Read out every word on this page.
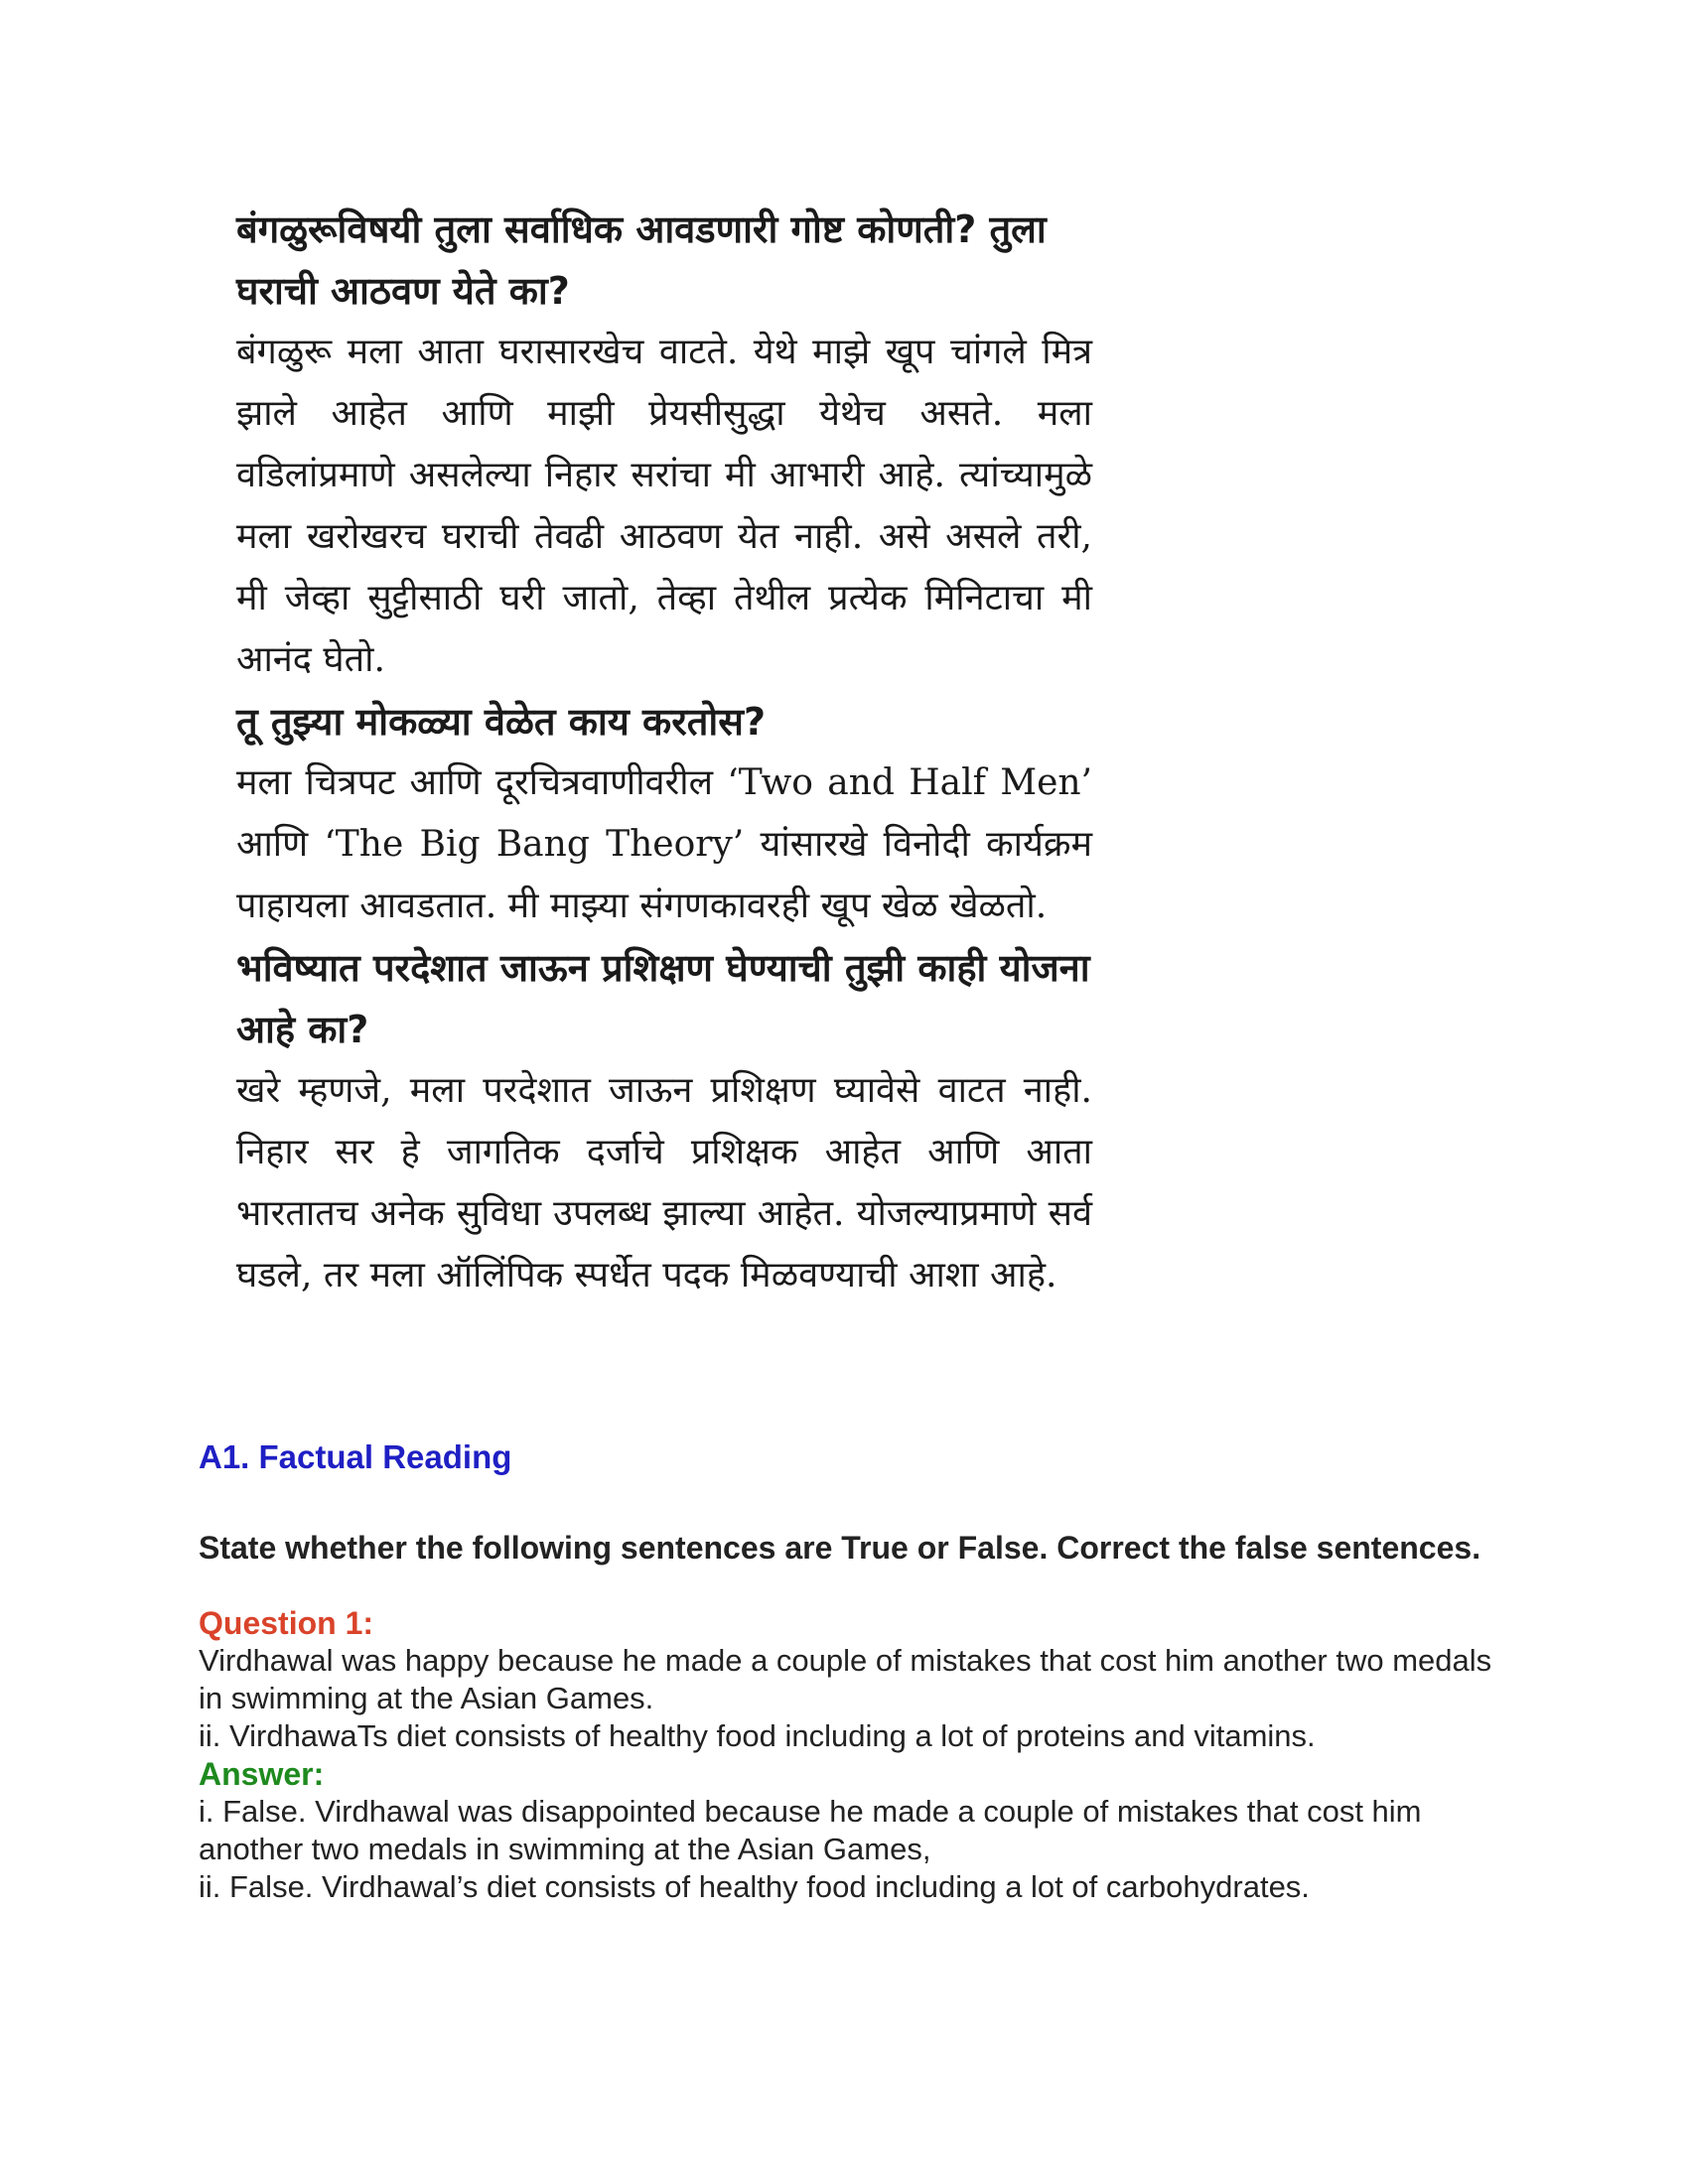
बंगळुरूविषयी तुला सर्वाधिक आवडणारी गोष्ट कोणती? तुला घराची आठवण येते का?

बंगळुरू मला आता घरासारखेच वाटते. येथे माझे खूप चांगले मित्र झाले आहेत आणि माझी प्रेयसीसुद्धा येथेच असते. मला वडिलांप्रमाणे असलेल्या निहार सरांचा मी आभारी आहे. त्यांच्यामुळे मला खरोखरच घराची तेवढी आठवण येत नाही. असे असले तरी, मी जेव्हा सुट्टीसाठी घरी जातो, तेव्हा तेथील प्रत्येक मिनिटाचा मी आनंद घेतो.

तू तुझ्या मोकळ्या वेळेत काय करतोस?

मला चित्रपट आणि दूरचित्रवाणीवरील ‘Two and Half Men’ आणि ‘The Big Bang Theory’ यांसारखे विनोदी कार्यक्रम पाहायला आवडतात. मी माझ्या संगणकावरही खूप खेळ खेळतो.

भविष्यात परदेशात जाऊन प्रशिक्षण घेण्याची तुझी काही योजना आहे का?

खरे म्हणजे, मला परदेशात जाऊन प्रशिक्षण घ्यावेसे वाटत नाही. निहार सर हे जागतिक दर्जाचे प्रशिक्षक आहेत आणि आता भारतातच अनेक सुविधा उपलब्ध झाल्या आहेत. योजल्याप्रमाणे सर्व घडले, तर मला ऑलिंपिक स्पर्धेत पदक मिळवण्याची आशा आहे.

A1. Factual Reading
State whether the following sentences are True or False. Correct the false sentences.

Question 1:

Virdhawal was happy because he made a couple of mistakes that cost him another two medals in swimming at the Asian Games.

ii. VirdhawaTs diet consists of healthy food including a lot of proteins and vitamins.

Answer:

i. False. Virdhawal was disappointed because he made a couple of mistakes that cost him another two medals in swimming at the Asian Games,

ii. False. Virdhawal’s diet consists of healthy food including a lot of carbohydrates.
